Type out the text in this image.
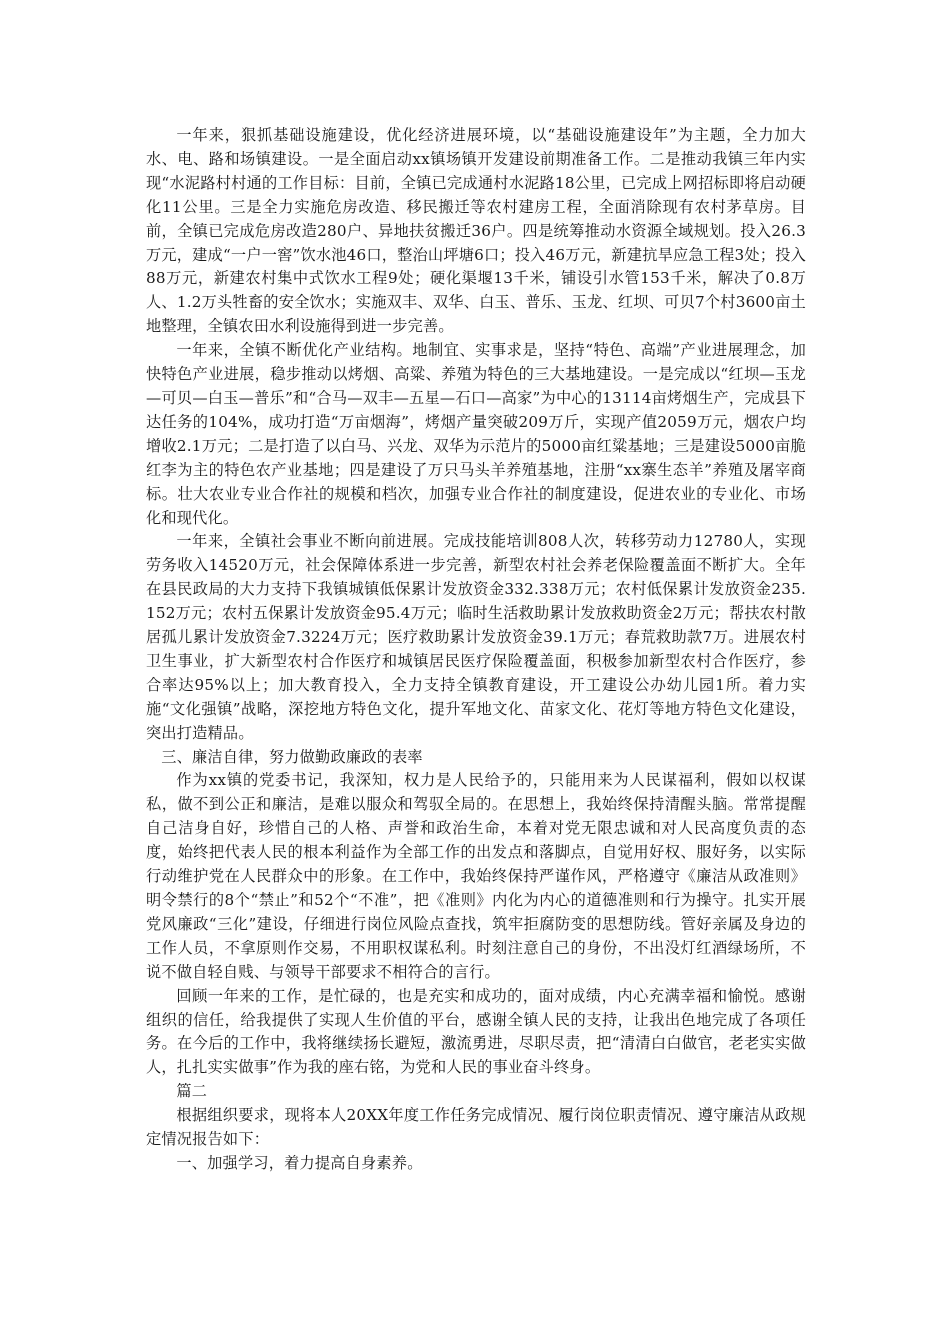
一年来，狠抓基础设施建设，优化经济进展环境，以“基础设施建设年”为主题，全力加大水、电、路和场镇建设。一是全面启动xx镇场镇开发建设前期准备工作。二是推动我镇三年内实现“水泥路村村通的工作目标：目前，全镇已完成通村水泥路18公里，已完成上网招标即将启动硬化11公里。三是全力实施危房改造、移民搬迁等农村建房工程，全面消除现有农村茅草房。目前，全镇已完成危房改造280户、异地扶贫搬迁36户。四是统筹推动水资源全域规划。投入26.3万元，建成“一户一窖”饮水池46口，整治山坪塘6口；投入46万元，新建抗旱应急工程3处；投入88万元，新建农村集中式饮水工程9处；硬化渠堰13千米，铺设引水管153千米，解决了0.8万人、1.2万头牲畜的安全饮水；实施双丰、双华、白玉、普乐、玉龙、红坝、可贝7个村3600亩土地整理，全镇农田水利设施得到进一步完善。

一年来，全镇不断优化产业结构。地制宜、实事求是，坚持“特色、高端”产业进展理念，加快特色产业进展，稳步推动以烤烟、高粱、养殖为特色的三大基地建设。一是完成以“红坝—玉龙—可贝—白玉—普乐”和“合马—双丰—五星—石口—高家”为中心的13114亩烤烟生产，完成县下达任务的104%，成功打造“万亩烟海”，烤烟产量突破209万斤，实现产值2059万元，烟农户均增收2.1万元；二是打造了以白马、兴龙、双华为示范片的5000亩红粱基地；三是建设5000亩脆红李为主的特色农产业基地；四是建设了万只马头羊养殖基地，注册“xx寨生态羊”养殖及屠宰商标。壮大农业专业合作社的规模和档次，加强专业合作社的制度建设，促进农业的专业化、市场化和现代化。

一年来，全镇社会事业不断向前进展。完成技能培训808人次，转移劳动力12780人，实现劳务收入14520万元，社会保障体系进一步完善，新型农村社会养老保险覆盖面不断扩大。全年在县民政局的大力支持下我镇城镇低保累计发放资金332.338万元；农村低保累计发放资金235.152万元；农村五保累计发放资金95.4万元；临时生活救助累计发放救助资金2万元；帮扶农村散居孤儿累计发放资金7.3224万元；医疗救助累计发放资金39.1万元；春荒救助款7万。进展农村卫生事业，扩大新型农村合作医疗和城镇居民医疗保险覆盖面，积极参加新型农村合作医疗，参合率达95%以上；加大教育投入，全力支持全镇教育建设，开工建设公办幼儿园1所。着力实施“文化强镇”战略，深挖地方特色文化，提升军地文化、苗家文化、花灯等地方特色文化建设，突出打造精品。

三、廉洁自律，努力做勤政廉政的表率

作为xx镇的党委书记，我深知，权力是人民给予的，只能用来为人民谋福利，假如以权谋私，做不到公正和廉洁，是难以服众和驾驭全局的。在思想上，我始终保持清醒头脑。常常提醒自己洁身自好，珍惜自己的人格、声誉和政治生命，本着对党无限忠诚和对人民高度负责的态度，始终把代表人民的根本利益作为全部工作的出发点和落脚点，自觉用好权、服好务，以实际行动维护党在人民群众中的形象。在工作中，我始终保持严谨作风，严格遵守《廉洁从政准则》明令禁行的8个“禁止”和52个“不准”，把《准则》内化为内心的道德准则和行为操守。扎实开展党风廉政“三化”建设，仔细进行岗位风险点查找，筑牢拒腐防变的思想防线。管好亲属及身边的工作人员，不拿原则作交易，不用职权谋私利。时刻注意自己的身份，不出没灯红酒绿场所，不说不做自轻自贱、与领导干部要求不相符合的言行。

回顾一年来的工作，是忙碌的，也是充实和成功的，面对成绩，内心充满幸福和愉悦。感谢组织的信任，给我提供了实现人生价值的平台，感谢全镇人民的支持，让我出色地完成了各项任务。在今后的工作中，我将继续扬长避短，激流勇进，尽职尽责，把“清清白白做官，老老实实做人，扎扎实实做事”作为我的座右铭，为党和人民的事业奋斗终身。

篇二

根据组织要求，现将本人20XX年度工作任务完成情况、履行岗位职责情况、遵守廉洁从政规定情况报告如下：

一、加强学习，着力提高自身素养。
